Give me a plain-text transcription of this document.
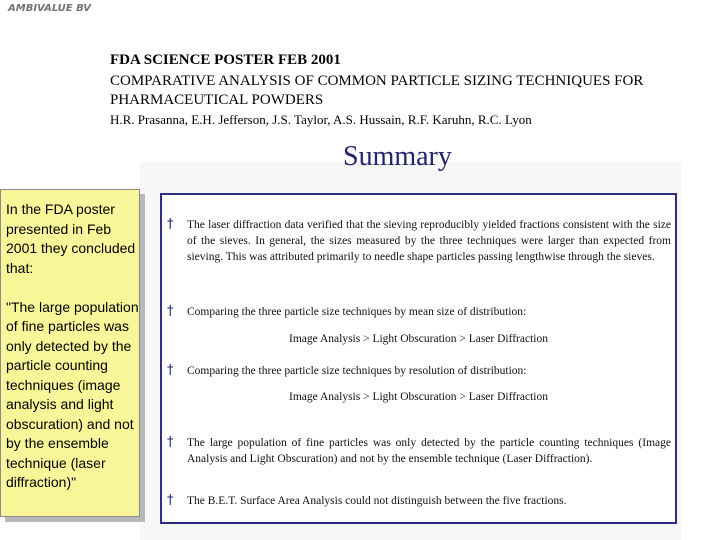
AMBIVALUE BV
FDA SCIENCE POSTER FEB 2001
COMPARATIVE ANALYSIS OF COMMON PARTICLE SIZING TECHNIQUES FOR PHARMACEUTICAL POWDERS
H.R. Prasanna, E.H. Jefferson, J.S. Taylor, A.S. Hussain, R.F. Karuhn, R.C. Lyon
Summary
† The laser diffraction data verified that the sieving reproducibly yielded fractions consistent with the size of the sieves. In general, the sizes measured by the three techniques were larger than expected from sieving. This was attributed primarily to needle shape particles passing lengthwise through the sieves.
† Comparing the three particle size techniques by mean size of distribution:
Image Analysis > Light Obscuration > Laser Diffraction
† Comparing the three particle size techniques by resolution of distribution:
Image Analysis > Light Obscuration > Laser Diffraction
† The large population of fine particles was only detected by the particle counting techniques (Image Analysis and Light Obscuration) and not by the ensemble technique (Laser Diffraction).
† The B.E.T. Surface Area Analysis could not distinguish between the five fractions.

In the FDA poster presented in Feb 2001 they concluded that:

"The large population of fine particles was only detected by the particle counting techniques (image analysis and light obscuration) and not by the ensemble technique (laser diffraction)"
